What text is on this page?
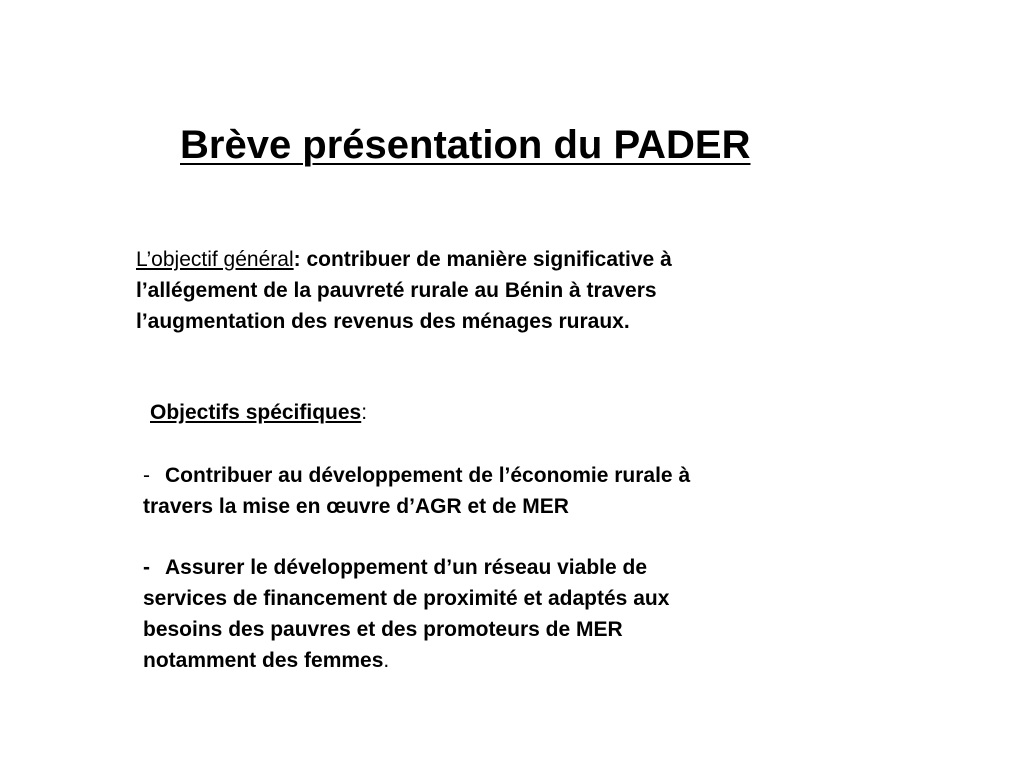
Brève présentation du PADER

L’objectif général: contribuer de manière significative à
l’allégement de la pauvreté rurale au Bénin à travers
l’augmentation des revenus des ménages ruraux.

Objectifs spécifiques:

- Contribuer au développement de l’économie rurale à
travers la mise en œuvre d’AGR et de MER

- Assurer le développement d’un réseau viable de
services de financement de proximité et adaptés aux
besoins des pauvres et des promoteurs de MER
notamment des femmes.
